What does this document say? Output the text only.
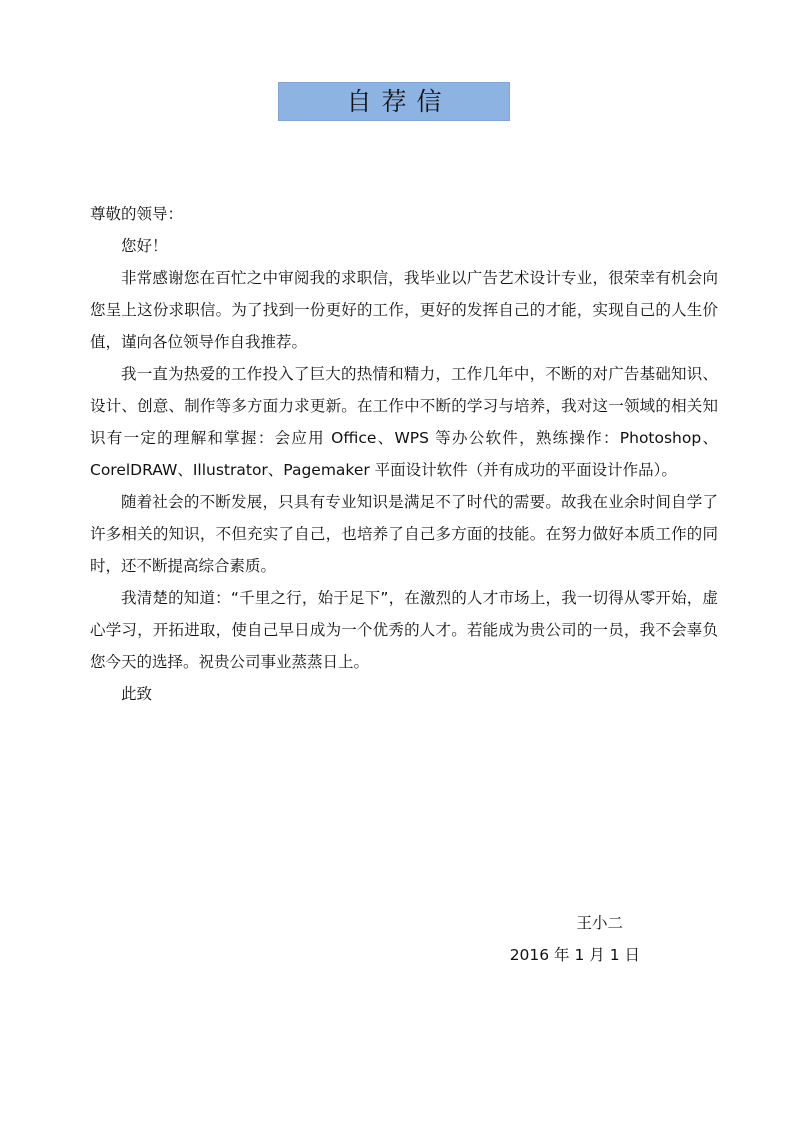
自荐信

尊敬的领导：

您好！

非常感谢您在百忙之中审阅我的求职信，我毕业以广告艺术设计专业，很荣幸有机会向您呈上这份求职信。为了找到一份更好的工作，更好的发挥自己的才能，实现自己的人生价值，谨向各位领导作自我推荐。

我一直为热爱的工作投入了巨大的热情和精力，工作几年中，不断的对广告基础知识、设计、创意、制作等多方面力求更新。在工作中不断的学习与培养，我对这一领域的相关知识有一定的理解和掌握：会应用 Office、WPS 等办公软件，熟练操作：Photoshop、CorelDRAW、Illustrator、Pagemaker 平面设计软件（并有成功的平面设计作品）。

随着社会的不断发展，只具有专业知识是满足不了时代的需要。故我在业余时间自学了许多相关的知识，不但充实了自己，也培养了自己多方面的技能。在努力做好本质工作的同时，还不断提高综合素质。

我清楚的知道：“千里之行，始于足下”，在激烈的人才市场上，我一切得从零开始，虚心学习，开拓进取，使自己早日成为一个优秀的人才。若能成为贵公司的一员，我不会辜负您今天的选择。祝贵公司事业蒸蒸日上。

此致

王小二
2016 年 1 月 1 日
